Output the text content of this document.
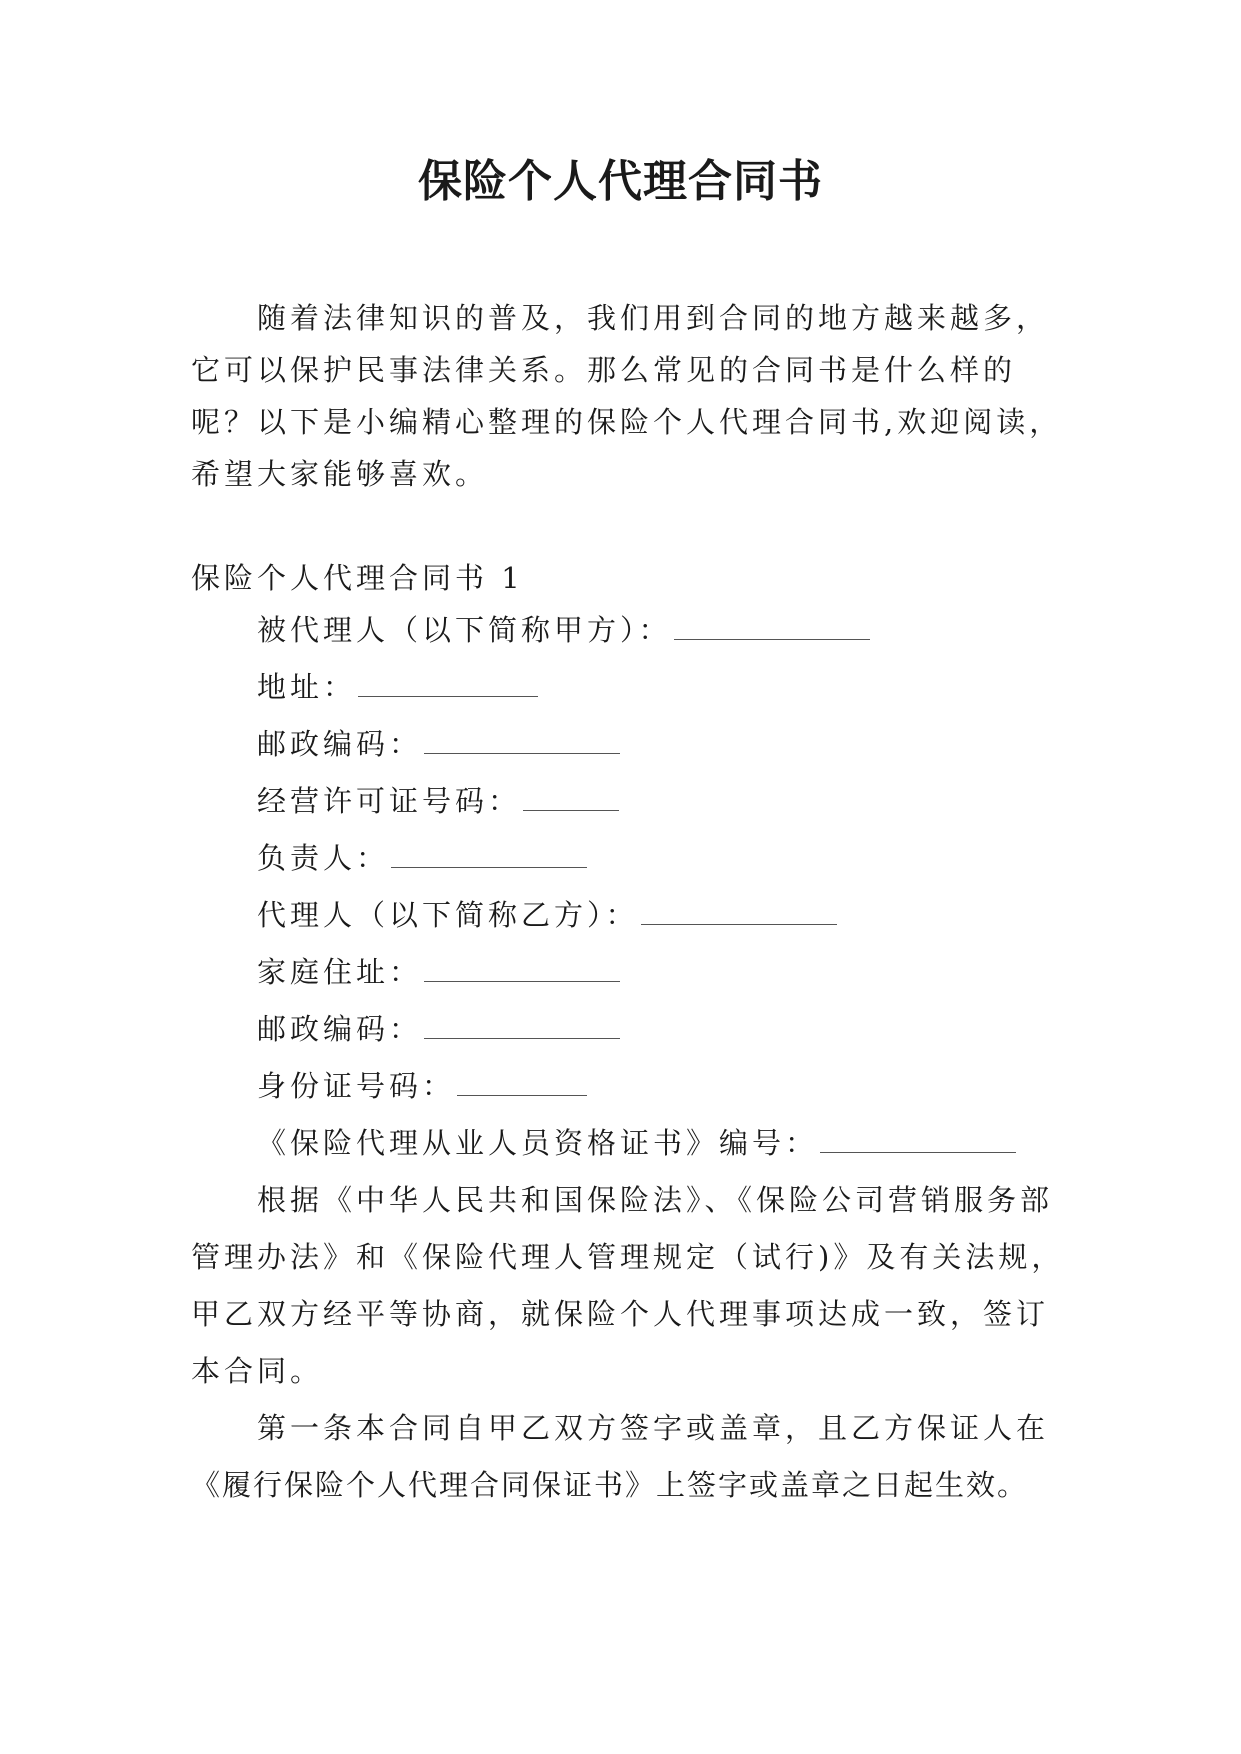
保险个人代理合同书
随着法律知识的普及，我们用到合同的地方越来越多，
它可以保护民事法律关系。那么常见的合同书是什么样的
呢？以下是小编精心整理的保险个人代理合同书,欢迎阅读，
希望大家能够喜欢。
保险个人代理合同书 1
被代理人（以下简称甲方）：
地址：
邮政编码：
经营许可证号码：
负责人：
代理人（以下简称乙方）：
家庭住址：
邮政编码：
身份证号码：
《保险代理从业人员资格证书》编号：
根据《中华人民共和国保险法》、《保险公司营销服务部
管理办法》和《保险代理人管理规定（试行)》及有关法规，
甲乙双方经平等协商，就保险个人代理事项达成一致，签订
本合同。
第一条本合同自甲乙双方签字或盖章，且乙方保证人在
《履行保险个人代理合同保证书》上签字或盖章之日起生效。
